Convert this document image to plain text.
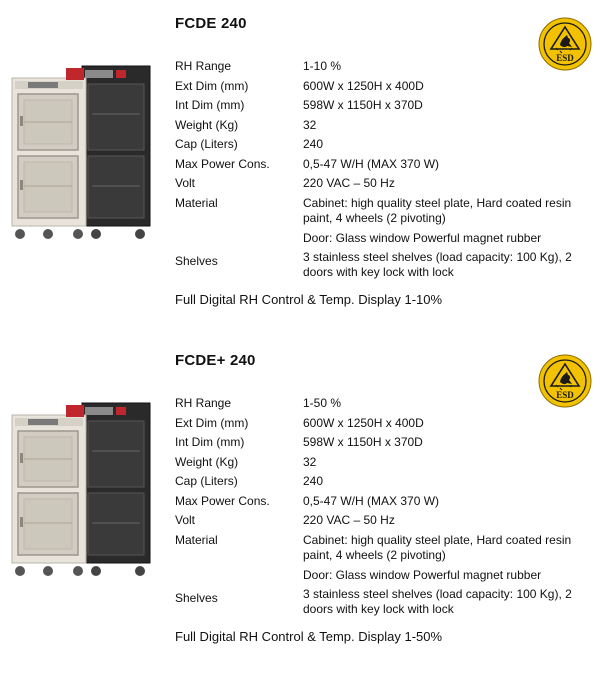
FCDE 240
ESD
RH Range	1-10 %
Ext Dim (mm)	600W x 1250H x 400D
Int Dim (mm)	598W x 1150H x 370D
Weight (Kg)	32
Cap (Liters)	240
Max Power Cons.	0,5-47 W/H (MAX 370 W)
Volt	220 VAC – 50 Hz
Material	Cabinet: high quality steel plate, Hard coated resin paint, 4 wheels (2 pivoting)
Door: Glass window Powerful magnet rubber
Shelves	3 stainless steel shelves (load capacity: 100 Kg), 2 doors with key lock with lock
Full Digital RH Control & Temp. Display 1-10%
FCDE+ 240
ESD
RH Range	1-50 %
Ext Dim (mm)	600W x 1250H x 400D
Int Dim (mm)	598W x 1150H x 370D
Weight (Kg)	32
Cap (Liters)	240
Max Power Cons.	0,5-47 W/H (MAX 370 W)
Volt	220 VAC – 50 Hz
Material	Cabinet: high quality steel plate, Hard coated resin paint, 4 wheels (2 pivoting)
Door: Glass window Powerful magnet rubber
Shelves	3 stainless steel shelves (load capacity: 100 Kg), 2 doors with key lock with lock
Full Digital RH Control & Temp. Display 1-50%
